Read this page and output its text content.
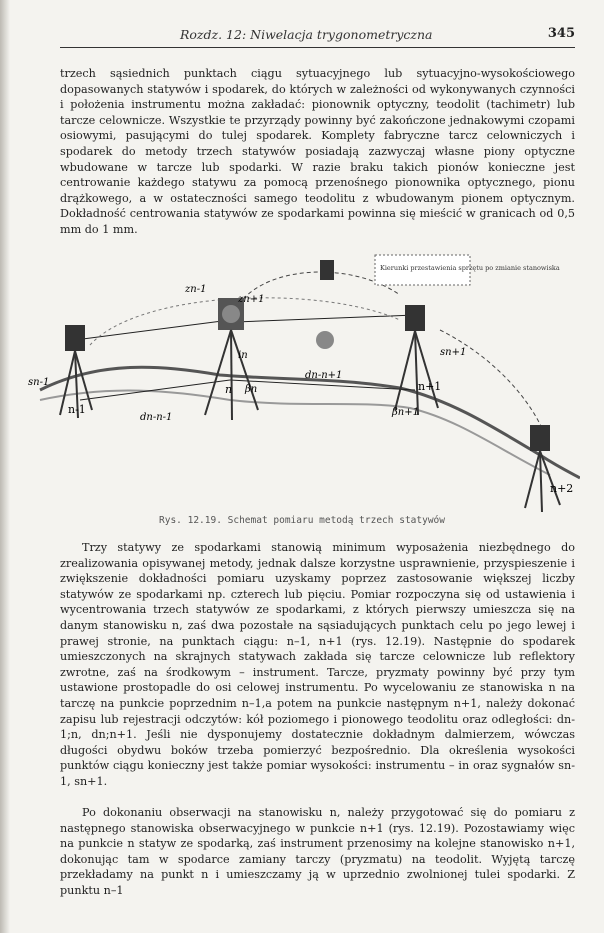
Rozdz. 12: Niwelacja trygonometryczna	345
trzech sąsiednich punktach ciągu sytuacyjnego lub sytuacyjno-wysokościowego dopasowanych statywów i spodarek, do których w zależności od wykonywanych czynności i położenia instrumentu można zakładać: pionownik optyczny, teodolit (tachimetr) lub tarcze celownicze. Wszystkie te przyrządy powinny być zakończone jednakowymi czopami osiowymi, pasującymi do tulej spodarek. Komplety fabryczne tarcz celowniczych i spodarek do metody trzech statywów posiadają zazwyczaj własne piony optyczne wbudowane w tarcze lub spodarki. W razie braku takich pionów konieczne jest centrowanie każdego statywu za pomocą przenośnego pionownika optycznego, pionu drążkowego, a w ostateczności samego teodolitu z wbudowanym pionem optycznym. Dokładność centrowania statywów ze spodarkami powinna się mieścić w granicach od 0,5 mm do 1 mm.
Kierunki przestawienia sprzętu po zmianie stanowiska
zn-1
zn+1
in
sn-1
sn+1
dn-n-1
dn-n+1
βn
βn+1
n-1
n	n+1
n+2
Rys. 12.19. Schemat pomiaru metodą trzech statywów
Trzy statywy ze spodarkami stanowią minimum wyposażenia niezbędnego do zrealizowania opisywanej metody, jednak dalsze korzystne usprawnienie, przyspieszenie i zwiększenie dokładności pomiaru uzyskamy poprzez zastosowanie większej liczby statywów ze spodarkami np. czterech lub pięciu. Pomiar rozpoczyna się od ustawienia i wycentrowania trzech statywów ze spodarkami, z których pierwszy umieszcza się na danym stanowisku n, zaś dwa pozostałe na sąsiadujących punktach celu po jego lewej i prawej stronie, na punktach ciągu: n–1, n+1 (rys. 12.19). Następnie do spodarek umieszczonych na skrajnych statywach zakłada się tarcze celownicze lub reflektory zwrotne, zaś na środkowym – instrument. Tarcze, pryzmaty powinny być przy tym ustawione prostopadle do osi celowej instrumentu. Po wycelowaniu ze stanowiska n na tarczę na punkcie poprzednim n–1,a potem na punkcie następnym n+1, należy dokonać zapisu lub rejestracji odczytów: kół poziomego i pionowego teodolitu oraz odległości: dn-1;n, dn;n+1. Jeśli nie dysponujemy dostatecznie dokładnym dalmierzem, wówczas długości obydwu boków trzeba pomierzyć bezpośrednio. Dla określenia wysokości punktów ciągu konieczny jest także pomiar wysokości: instrumentu – in oraz sygnałów sn-1, sn+1.
Po dokonaniu obserwacji na stanowisku n, należy przygotować się do pomiaru z następnego stanowiska obserwacyjnego w punkcie n+1 (rys. 12.19). Pozostawiamy więc na punkcie n statyw ze spodarką, zaś instrument przenosimy na kolejne stanowisko n+1, dokonując tam w spodarce zamiany tarczy (pryzmatu) na teodolit. Wyjętą tarczę przekładamy na punkt n i umieszczamy ją w uprzednio zwolnionej tulei spodarki. Z punktu n–1
